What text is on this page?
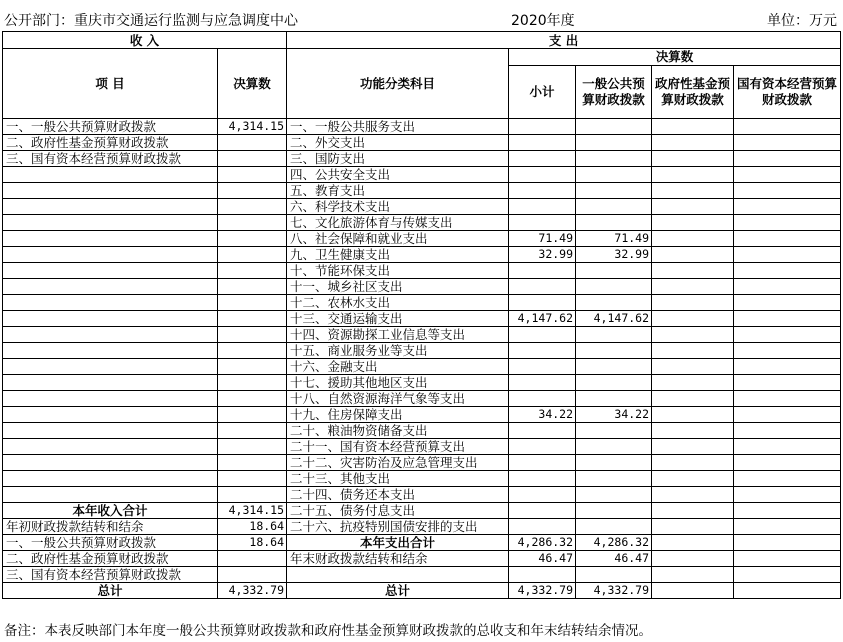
公开部门：重庆市交通运行监测与应急调度中心	2020年度	单位：万元
收 入		支 出				
项 目	决算数	功能分类科目	决算数			
			小计	一般公共预算财政拨款	政府性基金预算财政拨款	国有资本经营预算财政拨款

一、一般公共预算财政拨款	4,314.15	一、一般公共服务支出				
二、政府性基金预算财政拨款		二、外交支出				
三、国有资本经营预算财政拨款		三、国防支出				
		四、公共安全支出				
		五、教育支出				
		六、科学技术支出				
		七、文化旅游体育与传媒支出				
		八、社会保障和就业支出	71.49	71.49		
		九、卫生健康支出	32.99	32.99		
		十、节能环保支出				
		十一、城乡社区支出				
		十二、农林水支出				
		十三、交通运输支出	4,147.62	4,147.62		
		十四、资源勘探工业信息等支出				
		十五、商业服务业等支出				
		十六、金融支出				
		十七、援助其他地区支出				
		十八、自然资源海洋气象等支出				
		十九、住房保障支出	34.22	34.22		
		二十、粮油物资储备支出				
		二十一、国有资本经营预算支出				
		二十二、灾害防治及应急管理支出				
		二十三、其他支出				
		二十四、债务还本支出				
本年收入合计	4,314.15	二十五、债务付息支出				
年初财政拨款结转和结余	18.64	二十六、抗疫特别国债安排的支出				
一、一般公共预算财政拨款	18.64	本年支出合计	4,286.32	4,286.32		
二、政府性基金预算财政拨款		年末财政拨款结转和结余	46.47	46.47		
三、国有资本经营预算财政拨款						
总计	4,332.79	总计	4,332.79	4,332.79		
备注：本表反映部门本年度一般公共预算财政拨款和政府性基金预算财政拨款的总收支和年末结转结余情况。
